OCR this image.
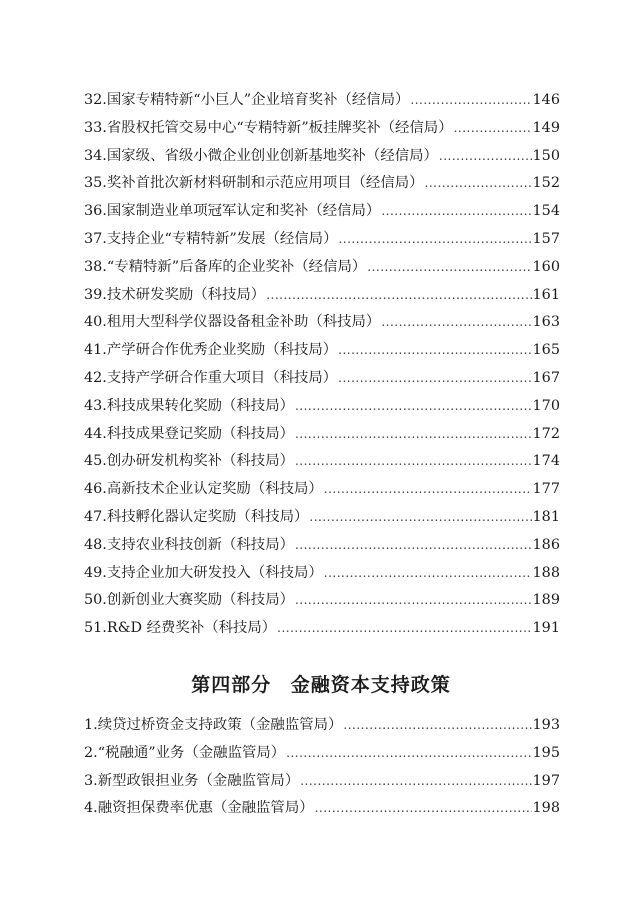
32.国家专精特新“小巨人”企业培育奖补（经信局） .....	146
33.省股权托管交易中心“专精特新”板挂牌奖补（经信局） .....	149
34.国家级、省级小微企业创业创新基地奖补（经信局） .....	150
35.奖补首批次新材料研制和示范应用项目（经信局） .....	152
36.国家制造业单项冠军认定和奖补（经信局） .....	154
37.支持企业“专精特新”发展（经信局） .....	157
38.“专精特新”后备库的企业奖补（经信局） .....	160
39.技术研发奖励（科技局） .....	161
40.租用大型科学仪器设备租金补助（科技局） .....	163
41.产学研合作优秀企业奖励（科技局） .....	165
42.支持产学研合作重大项目（科技局） .....	167
43.科技成果转化奖励（科技局） .....	170
44.科技成果登记奖励（科技局） .....	172
45.创办研发机构奖补（科技局） .....	174
46.高新技术企业认定奖励（科技局） .....	177
47.科技孵化器认定奖励（科技局） .....	181
48.支持农业科技创新（科技局） .....	186
49.支持企业加大研发投入（科技局） .....	188
50.创新创业大赛奖励（科技局） .....	189
51.R&D 经费奖补（科技局） .....	191
第四部分 金融资本支持政策
1.续贷过桥资金支持政策（金融监管局） .....	193
2.“税融通”业务（金融监管局） .....	195
3.新型政银担业务（金融监管局） .....	197
4.融资担保费率优惠（金融监管局） .....	198
